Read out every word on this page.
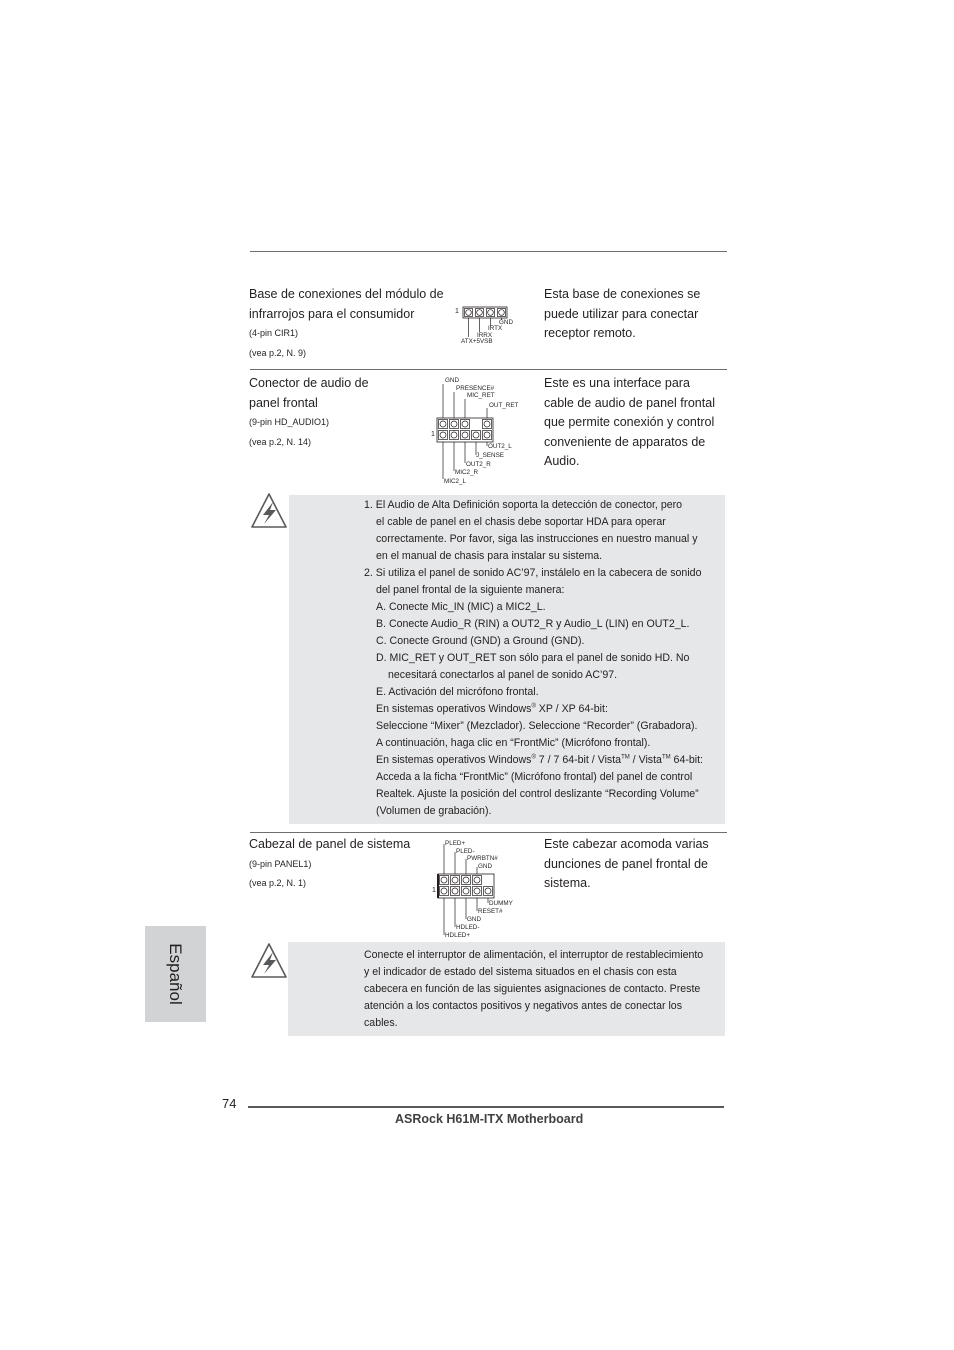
Base de conexiones del módulo de
infrarrojos para el consumidor
(4-pin CIR1)
(vea p.2, N. 9)
1
GND
IRTX
IRRX
ATX+5VSB
Esta base de conexiones se
puede utilizar para conectar
receptor remoto.
Conector de audio de
panel frontal
(9-pin HD_AUDIO1)
(vea p.2, N. 14)
1
GND
PRESENCE#
MIC_RET
OUT_RET
OUT2_L
J_SENSE
OUT2_R
MIC2_R
MIC2_L
Este es una interface para
cable de audio de panel frontal
que permite conexión y control
conveniente de apparatos de
Audio.
1. El Audio de Alta Definición soporta la detección de conector, pero
el cable de panel en el chasis debe soportar HDA para operar
correctamente. Por favor, siga las instrucciones en nuestro manual y
en el manual de chasis para instalar su sistema.
2. Si utiliza el panel de sonido AC’97, instálelo en la cabecera de sonido
del panel frontal de la siguiente manera:
A. Conecte Mic_IN (MIC) a MIC2_L.
B. Conecte Audio_R (RIN) a OUT2_R y Audio_L (LIN) en OUT2_L.
C. Conecte Ground (GND) a Ground (GND).
D. MIC_RET y OUT_RET son sólo para el panel de sonido HD. No
necesitará conectarlos al panel de sonido AC’97.
E. Activación del micrófono frontal.
En sistemas operativos Windows® XP / XP 64-bit:
Seleccione “Mixer” (Mezclador). Seleccione “Recorder” (Grabadora).
A continuación, haga clic en “FrontMic” (Micrófono frontal).
En sistemas operativos Windows® 7 / 7 64-bit / Vista™ / Vista™ 64-bit:
Acceda a la ficha “FrontMic” (Micrófono frontal) del panel de control
Realtek. Ajuste la posición del control deslizante “Recording Volume”
(Volumen de grabación).
Cabezal de panel de sistema
(9-pin PANEL1)
(vea p.2, N. 1)
1
PLED+
PLED-
PWRBTN#
GND
DUMMY
RESET#
GND
HDLED-
HDLED+
Este cabezar acomoda varias
dunciones de panel frontal de
sistema.
Conecte el interruptor de alimentación, el interruptor de restablecimiento
y el indicador de estado del sistema situados en el chasis con esta
cabecera en función de las siguientes asignaciones de contacto. Preste
atención a los contactos positivos y negativos antes de conectar los
cables.
Español
74
ASRock H61M-ITX Motherboard
